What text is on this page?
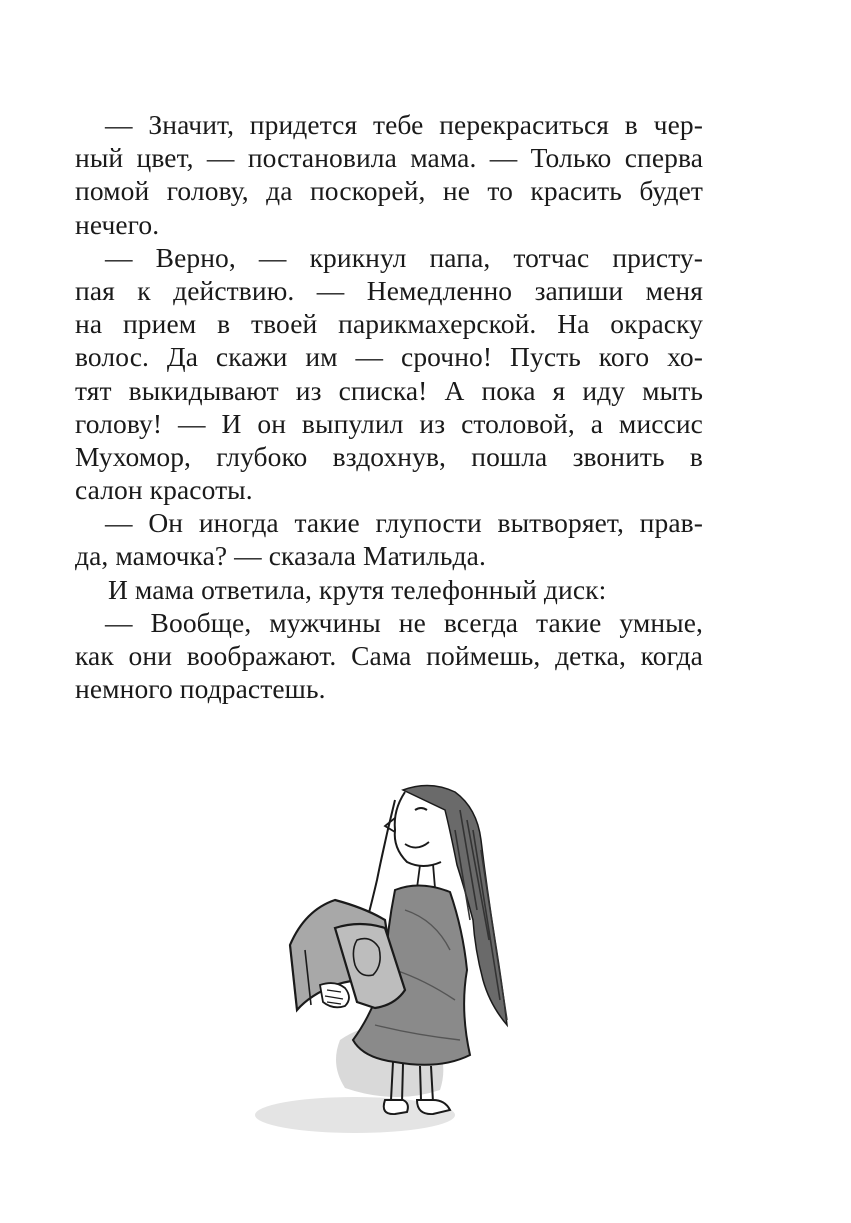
— Значит, придется тебе перекраситься в чер-
ный цвет, — постановила мама. — Только сперва
помой голову, да поскорей, не то красить будет
нечего.
— Верно, — крикнул папа, тотчас присту-
пая к действию. — Немедленно запиши меня
на прием в твоей парикмахерской. На окраску
волос. Да скажи им — срочно! Пусть кого хо-
тят выкидывают из списка! А пока я иду мыть
голову! — И он выпулил из столовой, а миссис
Мухомор, глубоко вздохнув, пошла звонить в
салон красоты.
— Он иногда такие глупости вытворяет, прав-
да, мамочка? — сказала Матильда.
И мама ответила, крутя телефонный диск:
— Вообще, мужчины не всегда такие умные,
как они воображают. Сама поймешь, детка, когда
немного подрастешь.
